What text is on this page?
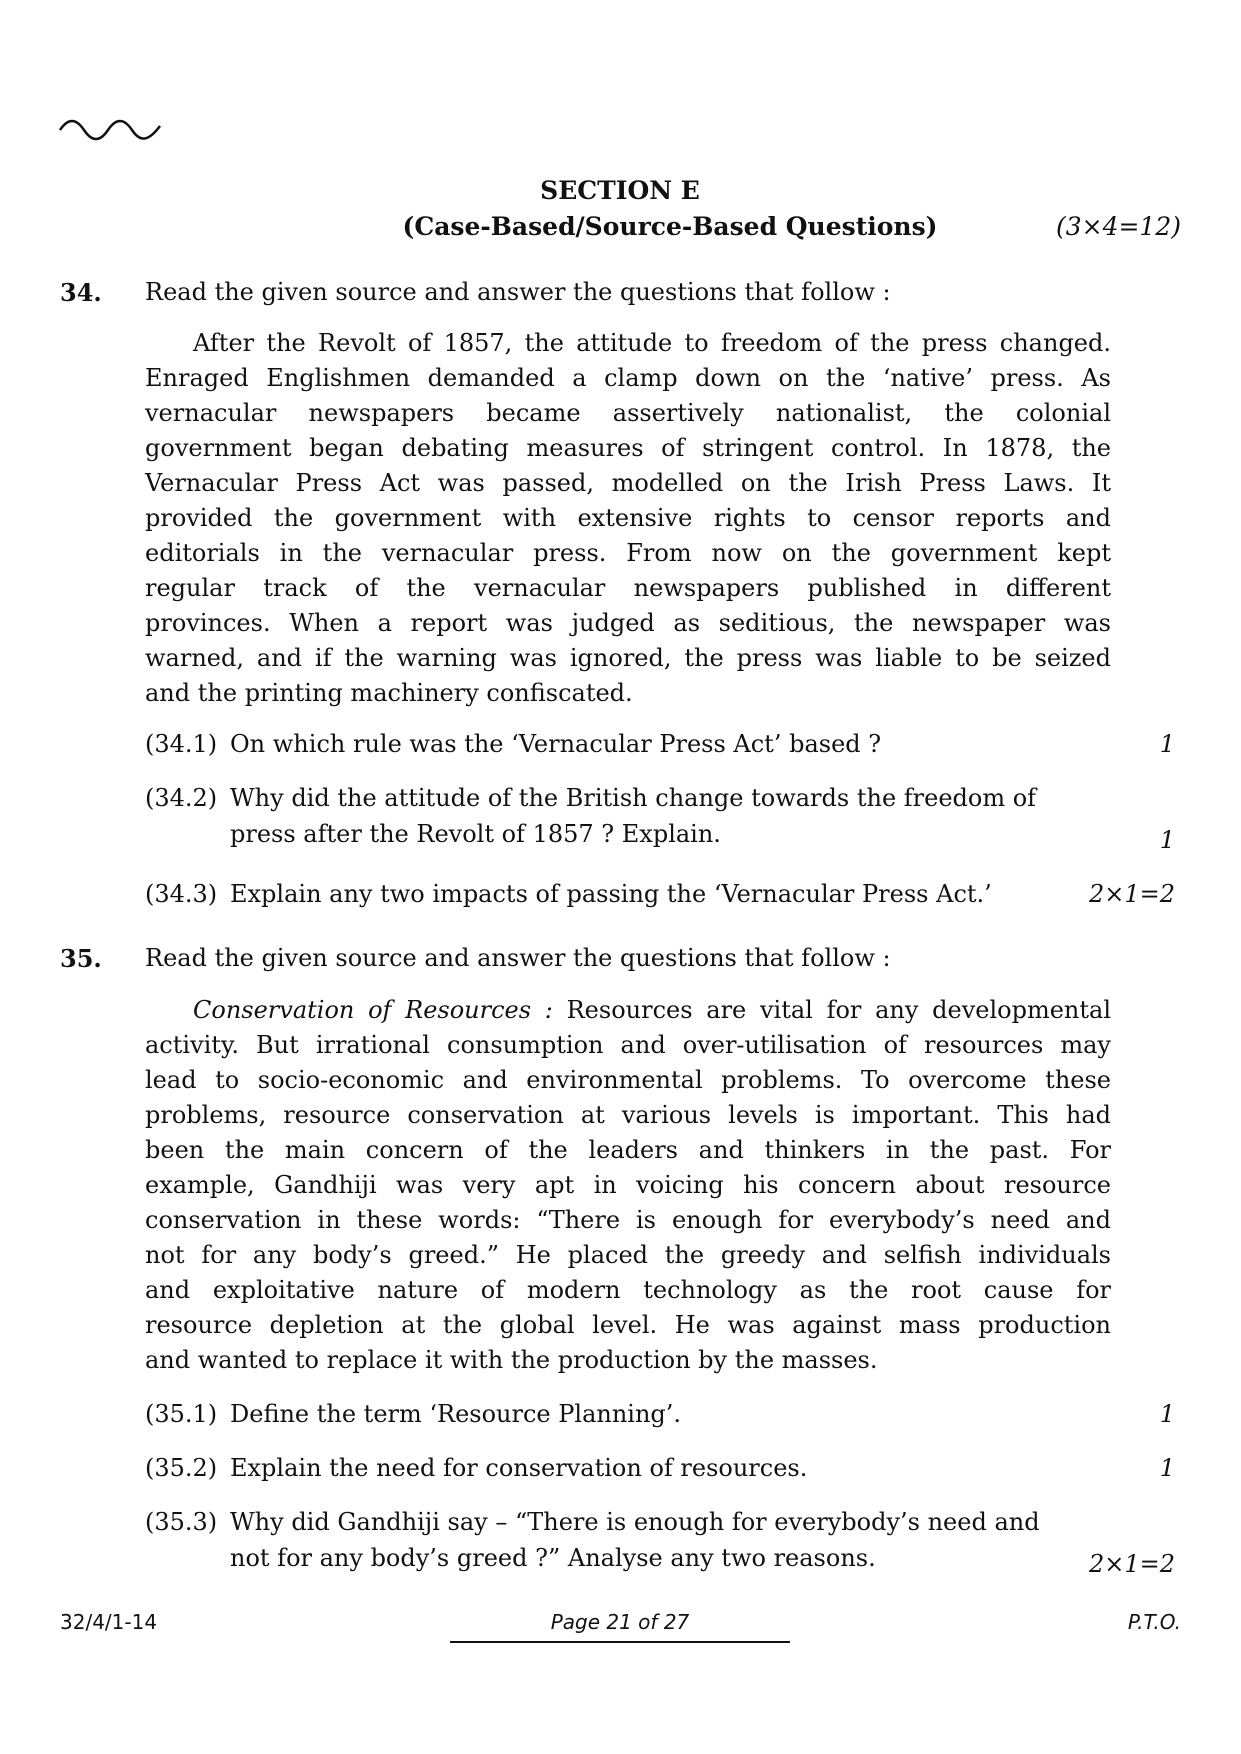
SECTION E
(Case-Based/Source-Based Questions)	(3×4=12)
34. Read the given source and answer the questions that follow :
After the Revolt of 1857, the attitude to freedom of the press changed.
Enraged Englishmen demanded a clamp down on the ‘native’ press. As
vernacular newspapers became assertively nationalist, the colonial
government began debating measures of stringent control. In 1878, the
Vernacular Press Act was passed, modelled on the Irish Press Laws. It
provided the government with extensive rights to censor reports and
editorials in the vernacular press. From now on the government kept
regular track of the vernacular newspapers published in different
provinces. When a report was judged as seditious, the newspaper was
warned, and if the warning was ignored, the press was liable to be seized
and the printing machinery confiscated.
(34.1) On which rule was the ‘Vernacular Press Act’ based ?	1
(34.2) Why did the attitude of the British change towards the freedom of
press after the Revolt of 1857 ? Explain.	1
(34.3) Explain any two impacts of passing the ‘Vernacular Press Act.’	2×1=2
35. Read the given source and answer the questions that follow :
Conservation of Resources : Resources are vital for any developmental
activity. But irrational consumption and over-utilisation of resources may
lead to socio-economic and environmental problems. To overcome these
problems, resource conservation at various levels is important. This had
been the main concern of the leaders and thinkers in the past. For
example, Gandhiji was very apt in voicing his concern about resource
conservation in these words: “There is enough for everybody’s need and
not for any body’s greed.” He placed the greedy and selfish individuals
and exploitative nature of modern technology as the root cause for
resource depletion at the global level. He was against mass production
and wanted to replace it with the production by the masses.
(35.1) Define the term ‘Resource Planning’.	1
(35.2) Explain the need for conservation of resources.	1
(35.3) Why did Gandhiji say – “There is enough for everybody’s need and
not for any body’s greed ?” Analyse any two reasons.	2×1=2
32/4/1-14	Page 21 of 27	P.T.O.
